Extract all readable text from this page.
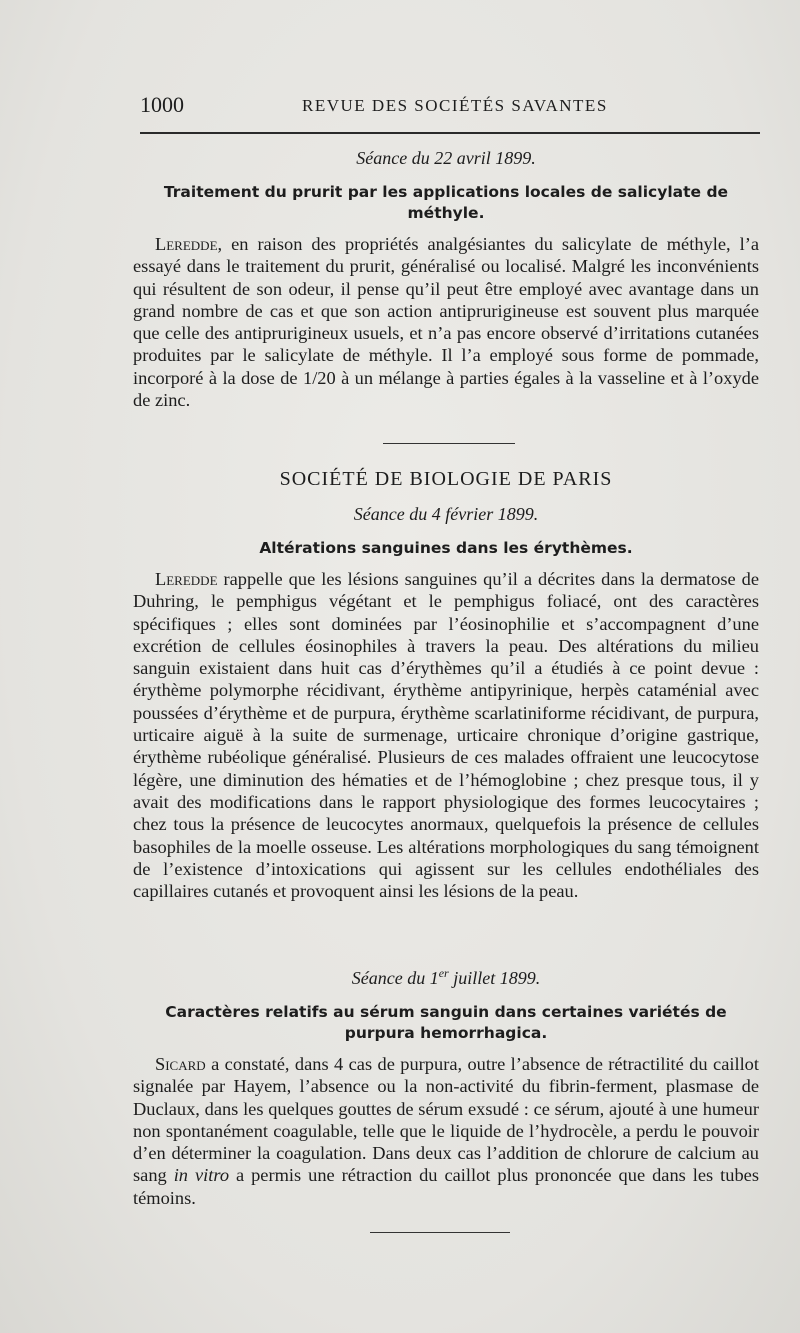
1000	REVUE DES SOCIÉTÉS SAVANTES

Séance du 22 avril 1899.

Traitement du prurit par les applications locales de salicylate de méthyle.

Leredde, en raison des propriétés analgésiantes du salicylate de méthyle, l’a essayé dans le traitement du prurit, généralisé ou localisé. Malgré les inconvénients qui résultent de son odeur, il pense qu’il peut être employé avec avantage dans un grand nombre de cas et que son action antiprurigineuse est souvent plus marquée que celle des antiprurigineux usuels, et n’a pas encore observé d’irritations cutanées produites par le salicylate de méthyle. Il l’a employé sous forme de pommade, incorporé à la dose de 1/20 à un mélange à parties égales à la vasseline et à l’oxyde de zinc.

SOCIÉTÉ DE BIOLOGIE DE PARIS

Séance du 4 février 1899.

Altérations sanguines dans les érythèmes.

Leredde rappelle que les lésions sanguines qu’il a décrites dans la dermatose de Duhring, le pemphigus végétant et le pemphigus foliacé, ont des caractères spécifiques ; elles sont dominées par l’éosinophilie et s’accompagnent d’une excrétion de cellules éosinophiles à travers la peau. Des altérations du milieu sanguin existaient dans huit cas d’érythèmes qu’il a étudiés à ce point devue : érythème polymorphe récidivant, érythème antipyrinique, herpès cataménial avec poussées d’érythème et de purpura, érythème scarlatiniforme récidivant, de purpura, urticaire aiguë à la suite de surmenage, urticaire chronique d’origine gastrique, érythème rubéolique généralisé. Plusieurs de ces malades offraient une leucocytose légère, une diminution des hématies et de l’hémoglobine ; chez presque tous, il y avait des modifications dans le rapport physiologique des formes leucocytaires ; chez tous la présence de leucocytes anormaux, quelquefois la présence de cellules basophiles de la moelle osseuse. Les altérations morphologiques du sang témoignent de l’existence d’intoxications qui agissent sur les cellules endothéliales des capillaires cutanés et provoquent ainsi les lésions de la peau.

Séance du 1er juillet 1899.

Caractères relatifs au sérum sanguin dans certaines variétés de purpura hemorrhagica.

Sicard a constaté, dans 4 cas de purpura, outre l’absence de rétractilité du caillot signalée par Hayem, l’absence ou la non-activité du fibrin-ferment, plasmase de Duclaux, dans les quelques gouttes de sérum exsudé : ce sérum, ajouté à une humeur non spontanément coagulable, telle que le liquide de l’hydrocèle, a perdu le pouvoir d’en déterminer la coagulation. Dans deux cas l’addition de chlorure de calcium au sang in vitro a permis une rétraction du caillot plus prononcée que dans les tubes témoins.
